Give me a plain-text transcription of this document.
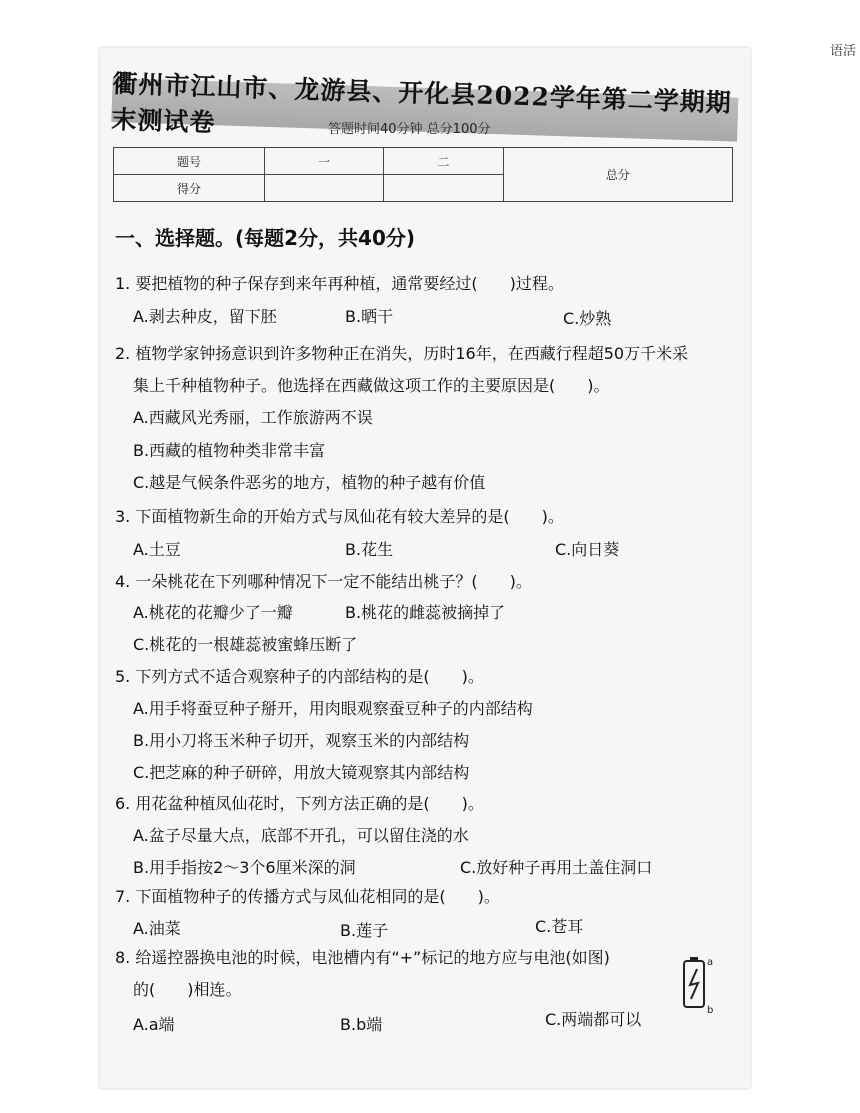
语活
衢州市江山市、龙游县、开化县2022学年第二学期期末测试卷	答题时间40分钟 总分100分
题号	一	二	总分
得分			
一、选择题。(每题2分，共40分)
1. 要把植物的种子保存到来年再种植，通常要经过(　　)过程。
A.剥去种皮，留下胚	B.晒干	C.炒熟
2. 植物学家钟扬意识到许多物种正在消失，历时16年，在西藏行程超50万千米采
集上千种植物种子。他选择在西藏做这项工作的主要原因是(　　)。
A.西藏风光秀丽，工作旅游两不误
B.西藏的植物种类非常丰富
C.越是气候条件恶劣的地方，植物的种子越有价值
3. 下面植物新生命的开始方式与凤仙花有较大差异的是(　　)。
A.土豆	B.花生	C.向日葵
4. 一朵桃花在下列哪种情况下一定不能结出桃子？(　　)。
A.桃花的花瓣少了一瓣	B.桃花的雌蕊被摘掉了
C.桃花的一根雄蕊被蜜蜂压断了
5. 下列方式不适合观察种子的内部结构的是(　　)。
A.用手将蚕豆种子掰开，用肉眼观察蚕豆种子的内部结构
B.用小刀将玉米种子切开，观察玉米的内部结构
C.把芝麻的种子研碎，用放大镜观察其内部结构
6. 用花盆种植凤仙花时，下列方法正确的是(　　)。
A.盆子尽量大点，底部不开孔，可以留住浇的水
B.用手指按2～3个6厘米深的洞	C.放好种子再用土盖住洞口
7. 下面植物种子的传播方式与凤仙花相同的是(　　)。
A.油菜	B.莲子	C.苍耳
8. 给遥控器换电池的时候，电池槽内有“+”标记的地方应与电池(如图)
的(　　)相连。
A.a端	B.b端	C.两端都可以
a
b
